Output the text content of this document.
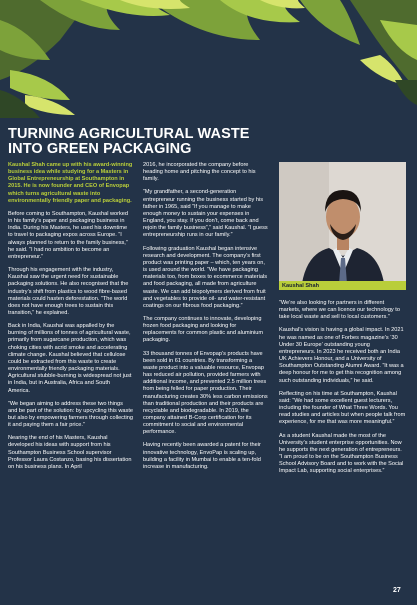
TURNING AGRICULTURAL WASTE
INTO GREEN PACKAGING

Kaushal Shah came up with his award-winning business idea while studying for a Masters in Global Entrepreneurship at Southampton in 2015. He is now founder and CEO of Envopap which turns agricultural waste into environmentally friendly paper and packaging.

Before coming to Southampton, Kaushal worked in his family’s paper and packaging business in India. During his Masters, he used his downtime to travel to packaging expos across Europe. “I always planned to return to the family business,” he said. “I had no ambition to become an entrepreneur.”

Through his engagement with the industry, Kaushal saw the urgent need for sustainable packaging solutions. He also recognised that the industry’s shift from plastics to wood fibre-based materials could hasten deforestation. “The world does not have enough trees to sustain this transition,” he explained.

Back in India, Kaushal was appalled by the burning of millions of tonnes of agricultural waste, primarily from sugarcane production, which was choking cities with acrid smoke and accelerating climate change. Kaushal believed that cellulose could be extracted from this waste to create environmentally friendly packaging materials. Agricultural stubble-burning is widespread not just in India, but in Australia, Africa and South America.

“We began aiming to address these two things and be part of the solution: by upcycling this waste but also by empowering farmers through collecting it and paying them a fair price.”

Nearing the end of his Masters, Kaushal developed his ideas with support from his Southampton Business School supervisor Professor Laura Costanzo, basing his dissertation on his business plans. In April

2016, he incorporated the company before heading home and pitching the concept to his family.

“My grandfather, a second-generation entrepreneur running the business started by his father in 1965, said “If you manage to make enough money to sustain your expenses in England, you stay. If you don’t, come back and rejoin the family business”,” said Kaushal. “I guess entrepreneurship runs in our family.”

Following graduation Kaushal began intensive research and development. The company’s first product was printing paper – which, ten years on, is used around the world. “We have packaging materials too, from boxes to ecommerce materials and food packaging, all made from agriculture waste. We can add biopolymers derived from fruit and vegetables to provide oil- and water-resistant coatings on our fibrous food packaging.”

The company continues to innovate, developing frozen food packaging and looking for replacements for common plastic and aluminium packaging.

33 thousand tonnes of Envopap’s products have been sold in 61 countries. By transforming a waste product into a valuable resource, Envopap has reduced air pollution, provided farmers with additional income, and prevented 2.5 million trees from being felled for paper production. Their manufacturing creates 30% less carbon emissions than traditional production and their products are recyclable and biodegradable. In 2019, the company attained B-Corp certification for its commitment to social and environmental performance.

Having recently been awarded a patent for their innovative technology, EnvoPap is scaling up, building a facility in Mumbai to enable a ten-fold increase in manufacturing.

Kaushal Shah

“We’re also looking for partners in different markets, where we can licence our technology to take local waste and sell to local customers.”

Kaushal’s vision is having a global impact. In 2021 he was named as one of Forbes magazine’s ‘30 Under 30 Europe’ outstanding young entrepreneurs. In 2023 he received both an India UK Achievers Honour, and a University of Southampton Outstanding Alumni Award. “It was a deep honour for me to get this recognition among such outstanding individuals,” he said.

Reflecting on his time at Southampton, Kaushal said: “We had some excellent guest lecturers, including the founder of What Three Words. You read studies and articles but when people talk from experience, for me that was more meaningful.”

As a student Kaushal made the most of the University’s student enterprise opportunities. Now he supports the next generation of entrepreneurs. “I am proud to be on the Southampton Business School Advisory Board and to work with the Social Impact Lab, supporting social enterprises.”

27
